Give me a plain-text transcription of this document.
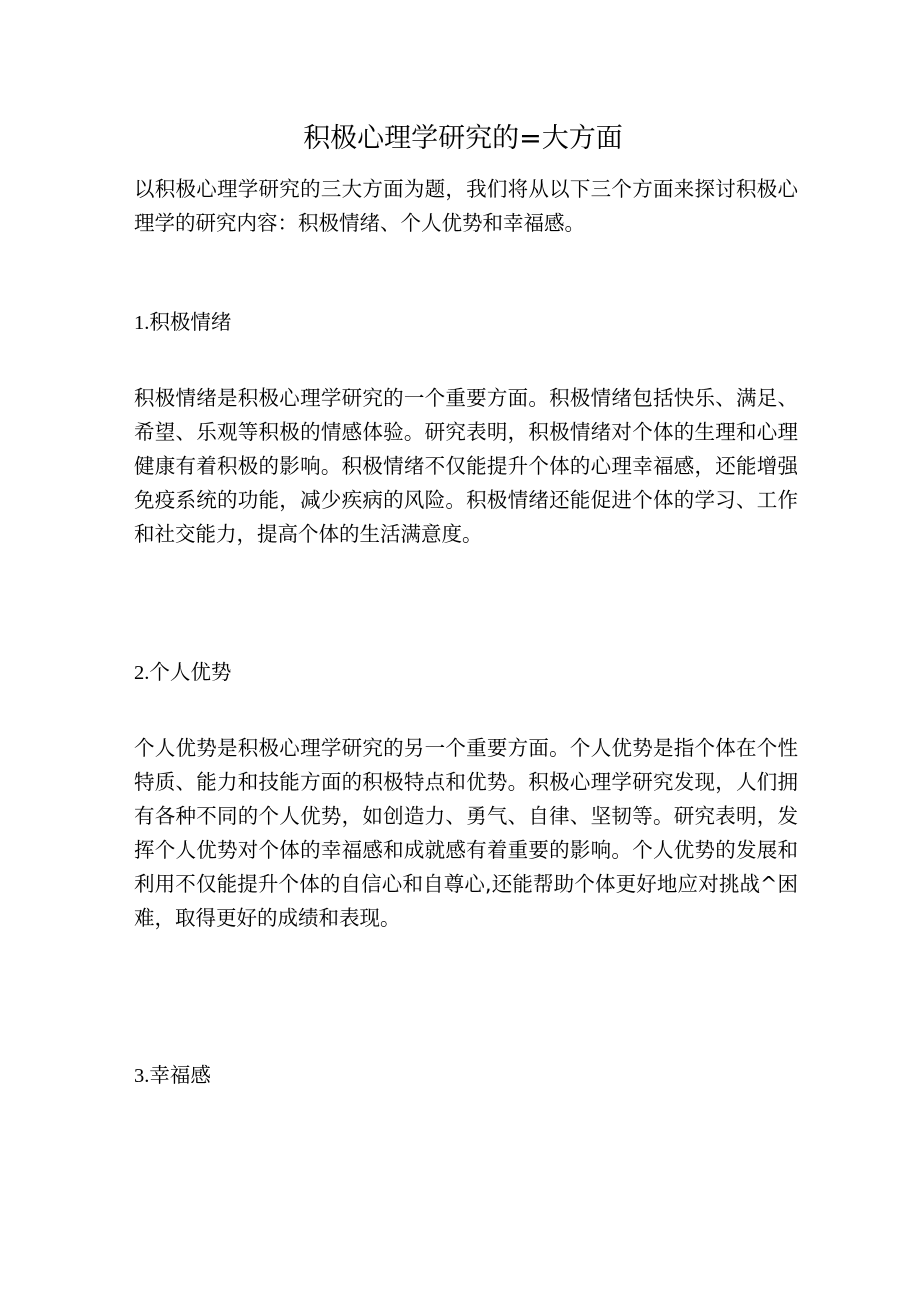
积极心理学研究的=大方面

以积极心理学研究的三大方面为题，我们将从以下三个方面来探讨积极心理学的研究内容：积极情绪、个人优势和幸福感。

1.积极情绪

积极情绪是积极心理学研究的一个重要方面。积极情绪包括快乐、满足、希望、乐观等积极的情感体验。研究表明，积极情绪对个体的生理和心理健康有着积极的影响。积极情绪不仅能提升个体的心理幸福感，还能增强免疫系统的功能，减少疾病的风险。积极情绪还能促进个体的学习、工作和社交能力，提高个体的生活满意度。

2.个人优势

个人优势是积极心理学研究的另一个重要方面。个人优势是指个体在个性特质、能力和技能方面的积极特点和优势。积极心理学研究发现，人们拥有各种不同的个人优势，如创造力、勇气、自律、坚韧等。研究表明，发挥个人优势对个体的幸福感和成就感有着重要的影响。个人优势的发展和利用不仅能提升个体的自信心和自尊心,还能帮助个体更好地应对挑战^困难，取得更好的成绩和表现。

3.幸福感
